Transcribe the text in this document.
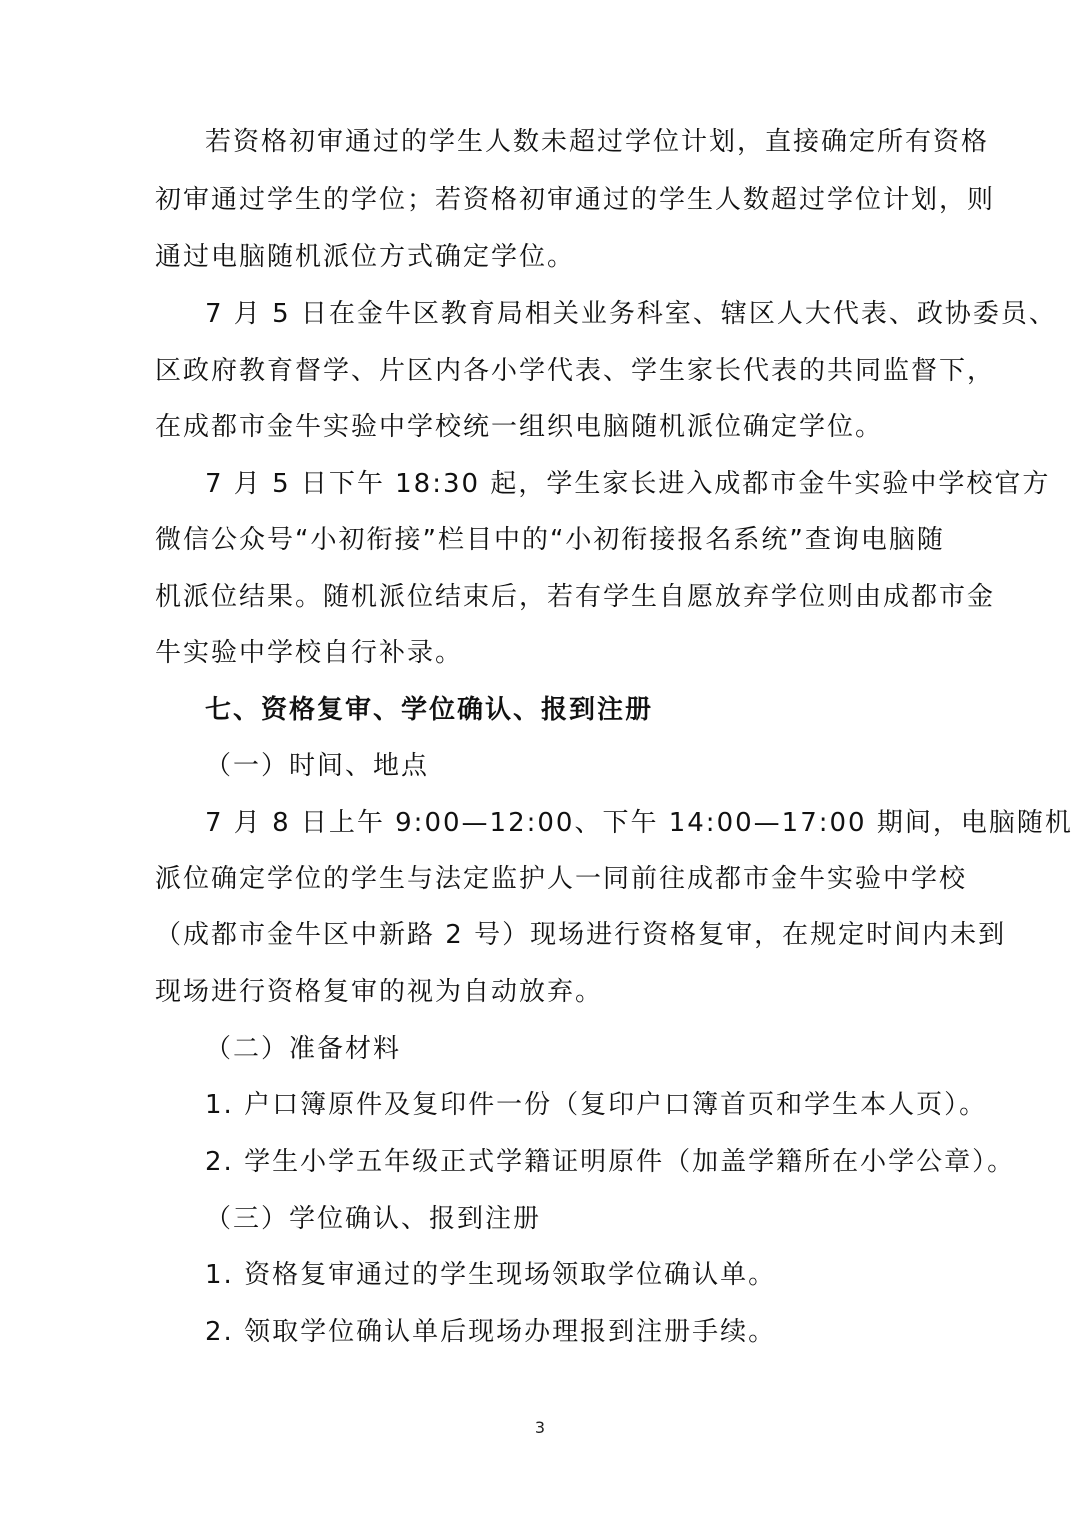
若资格初审通过的学生人数未超过学位计划，直接确定所有资格

初审通过学生的学位；若资格初审通过的学生人数超过学位计划，则

通过电脑随机派位方式确定学位。

7 月 5 日在金牛区教育局相关业务科室、辖区人大代表、政协委员、

区政府教育督学、片区内各小学代表、学生家长代表的共同监督下，

在成都市金牛实验中学校统一组织电脑随机派位确定学位。

7 月 5 日下午 18:30 起，学生家长进入成都市金牛实验中学校官方

微信公众号“小初衔接”栏目中的“小初衔接报名系统”查询电脑随

机派位结果。随机派位结束后，若有学生自愿放弃学位则由成都市金

牛实验中学校自行补录。

七、资格复审、学位确认、报到注册

（一）时间、地点

7 月 8 日上午 9:00—12:00、下午 14:00—17:00 期间，电脑随机

派位确定学位的学生与法定监护人一同前往成都市金牛实验中学校

（成都市金牛区中新路 2 号）现场进行资格复审，在规定时间内未到

现场进行资格复审的视为自动放弃。

（二）准备材料

1. 户口簿原件及复印件一份（复印户口簿首页和学生本人页）。

2. 学生小学五年级正式学籍证明原件（加盖学籍所在小学公章）。

（三）学位确认、报到注册

1. 资格复审通过的学生现场领取学位确认单。

2. 领取学位确认单后现场办理报到注册手续。

3
